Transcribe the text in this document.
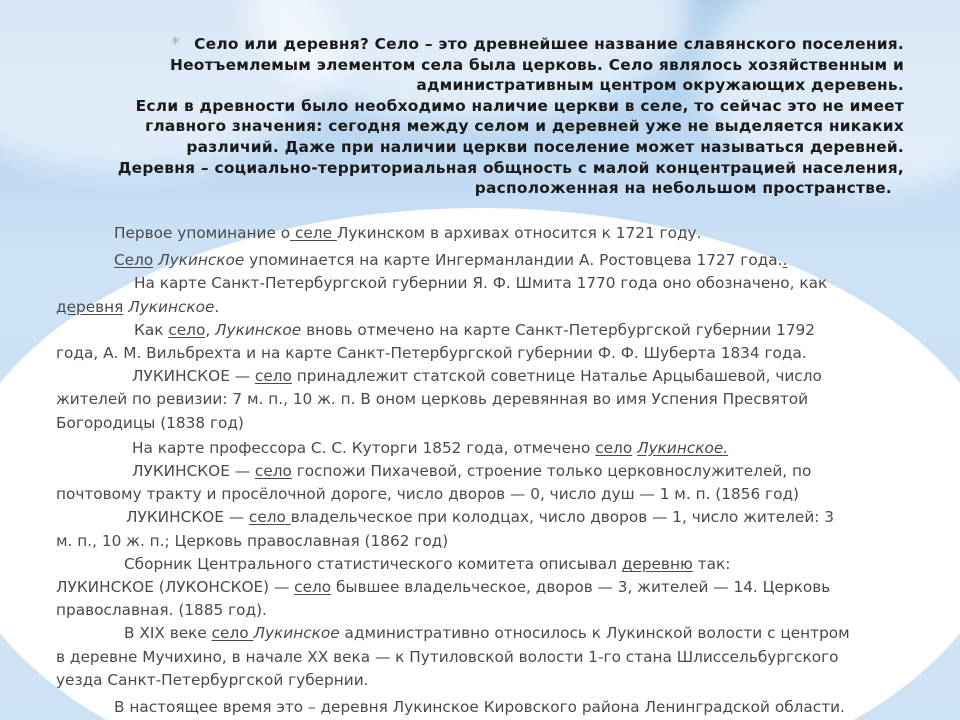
* Село или деревня? Село – это древнейшее название славянского поселения.
Неотъемлемым элементом села была церковь. Село являлось хозяйственным и
административным центром окружающих деревень.
Если в древности было необходимо наличие церкви в селе, то сейчас это не имеет
главного значения: сегодня между селом и деревней уже не выделяется никаких
различий. Даже при наличии церкви поселение может называться деревней.
Деревня – социально-территориальная общность с малой концентрацией населения,
расположенная на небольшом пространстве.
Первое упоминание о селе Лукинском в архивах относится к 1721 году.
Село Лукинское упоминается на карте Ингерманландии А. Ростовцева 1727 года..
На карте Санкт-Петербургской губернии Я. Ф. Шмита 1770 года оно обозначено, как
деревня Лукинское.
Как село, Лукинское вновь отмечено на карте Санкт-Петербургской губернии 1792
года, А. М. Вильбрехта и на карте Санкт-Петербургской губернии Ф. Ф. Шуберта 1834 года.
ЛУКИНСКОЕ — село принадлежит статской советнице Наталье Арцыбашевой, число
жителей по ревизии: 7 м. п., 10 ж. п. В оном церковь деревянная во имя Успения Пресвятой
Богородицы (1838 год)
На карте профессора С. С. Куторги 1852 года, отмечено село Лукинское.
ЛУКИНСКОЕ — село госпожи Пихачевой, строение только церковнослужителей, по
почтовому тракту и просёлочной дороге, число дворов — 0, число душ — 1 м. п. (1856 год)
ЛУКИНСКОЕ — село владельческое при колодцах, число дворов — 1, число жителей: 3
м. п., 10 ж. п.; Церковь православная (1862 год)
Сборник Центрального статистического комитета описывал деревню так:
ЛУКИНСКОЕ (ЛУКОНСКОЕ) — село бывшее владельческое, дворов — 3, жителей — 14. Церковь
православная. (1885 год).
В XIX веке село Лукинское административно относилось к Лукинской волости с центром
в деревне Мучихино, в начале XX века — к Путиловской волости 1-го стана Шлиссельбургского
уезда Санкт-Петербургской губернии.
В настоящее время это – деревня Лукинское Кировского района Ленинградской области.
